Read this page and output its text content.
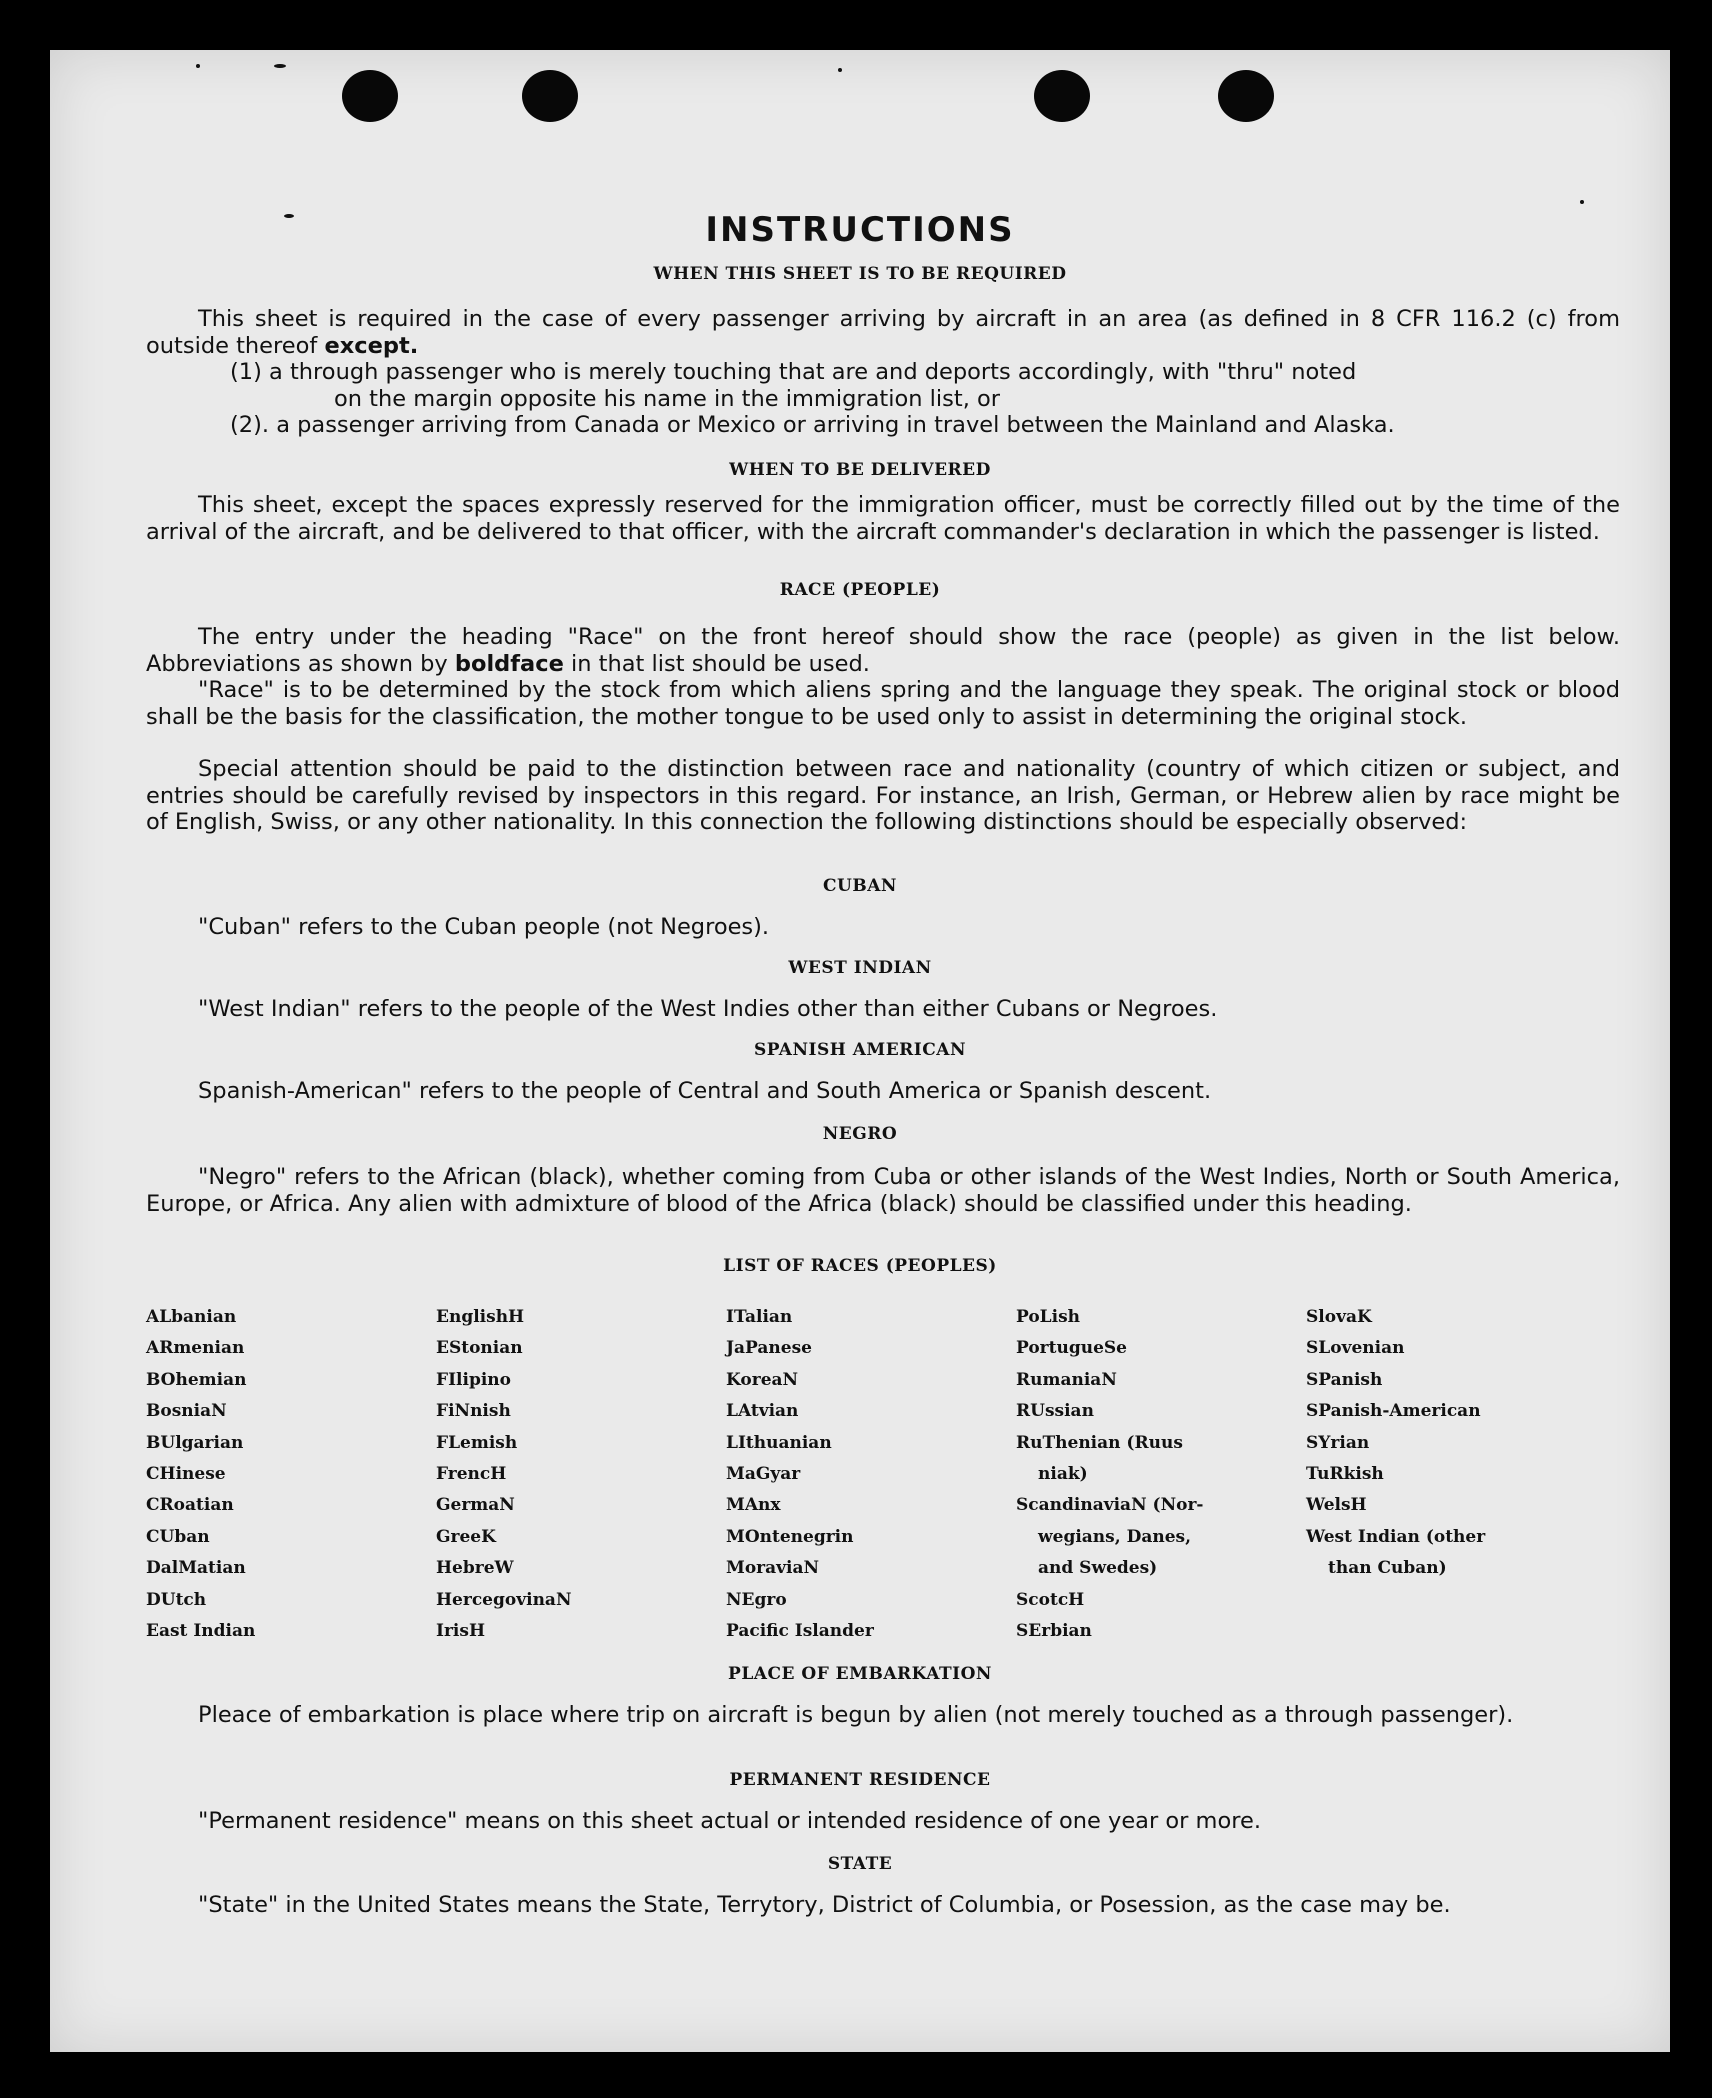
INSTRUCTIONS
WHEN THIS SHEET IS TO BE REQUIRED
This sheet is required in the case of every passenger arriving by aircraft in an area (as defined in 8 CFR 116.2 (c) from outside thereof except.
(1) a through passenger who is merely touching that are and deports accordingly, with "thru" noted
on the margin opposite his name in the immigration list, or
(2). a passenger arriving from Canada or Mexico or arriving in travel between the Mainland and Alaska.
WHEN TO BE DELIVERED
This sheet, except the spaces expressly reserved for the immigration officer, must be correctly filled out by the time of the arrival of the aircraft, and be delivered to that officer, with the aircraft commander's declaration in which the passenger is listed.
RACE (PEOPLE)
The entry under the heading "Race" on the front hereof should show the race (people) as given in the list below. Abbreviations as shown by boldface in that list should be used.
"Race" is to be determined by the stock from which aliens spring and the language they speak. The original stock or blood shall be the basis for the classification, the mother tongue to be used only to assist in determining the original stock.
Special attention should be paid to the distinction between race and nationality (country of which citizen or subject, and entries should be carefully revised by inspectors in this regard. For instance, an Irish, German, or Hebrew alien by race might be of English, Swiss, or any other nationality. In this connection the following distinctions should be especially observed:
CUBAN
"Cuban" refers to the Cuban people (not Negroes).
WEST INDIAN
"West Indian" refers to the people of the West Indies other than either Cubans or Negroes.
SPANISH AMERICAN
Spanish-American" refers to the people of Central and South America or Spanish descent.
NEGRO
"Negro" refers to the African (black), whether coming from Cuba or other islands of the West Indies, North or South America, Europe, or Africa. Any alien with admixture of blood of the Africa (black) should be classified under this heading.
LIST OF RACES (PEOPLES)
ALbanian
ARmenian
BOhemian
BosniaN
BUlgarian
CHinese
CRoatian
CUban
DalMatian
DUtch
East Indian
EnglishH
EStonian
FIlipino
FiNnish
FLemish
FrencH
GermaN
GreeK
HebreW
HercegovinaN
IrisH
ITalian
JaPanese
KoreaN
LAtvian
LIthuanian
MaGyar
MAnx
MOntenegrin
MoraviaN
NEgro
Pacific Islander
PoLish
PortugueSe
RumaniaN
RUssian
RuThenian (Ruus
niak)
ScandinaviaN (Nor-
wegians, Danes,
and Swedes)
ScotcH
SErbian
SlovaK
SLovenian
SPanish
SPanish-American
SYrian
TuRkish
WelsH
West Indian (other
than Cuban)
PLACE OF EMBARKATION
Pleace of embarkation is place where trip on aircraft is begun by alien (not merely touched as a through passenger).
PERMANENT RESIDENCE
"Permanent residence" means on this sheet actual or intended residence of one year or more.
STATE
"State" in the United States means the State, Terrytory, District of Columbia, or Posession, as the case may be.
